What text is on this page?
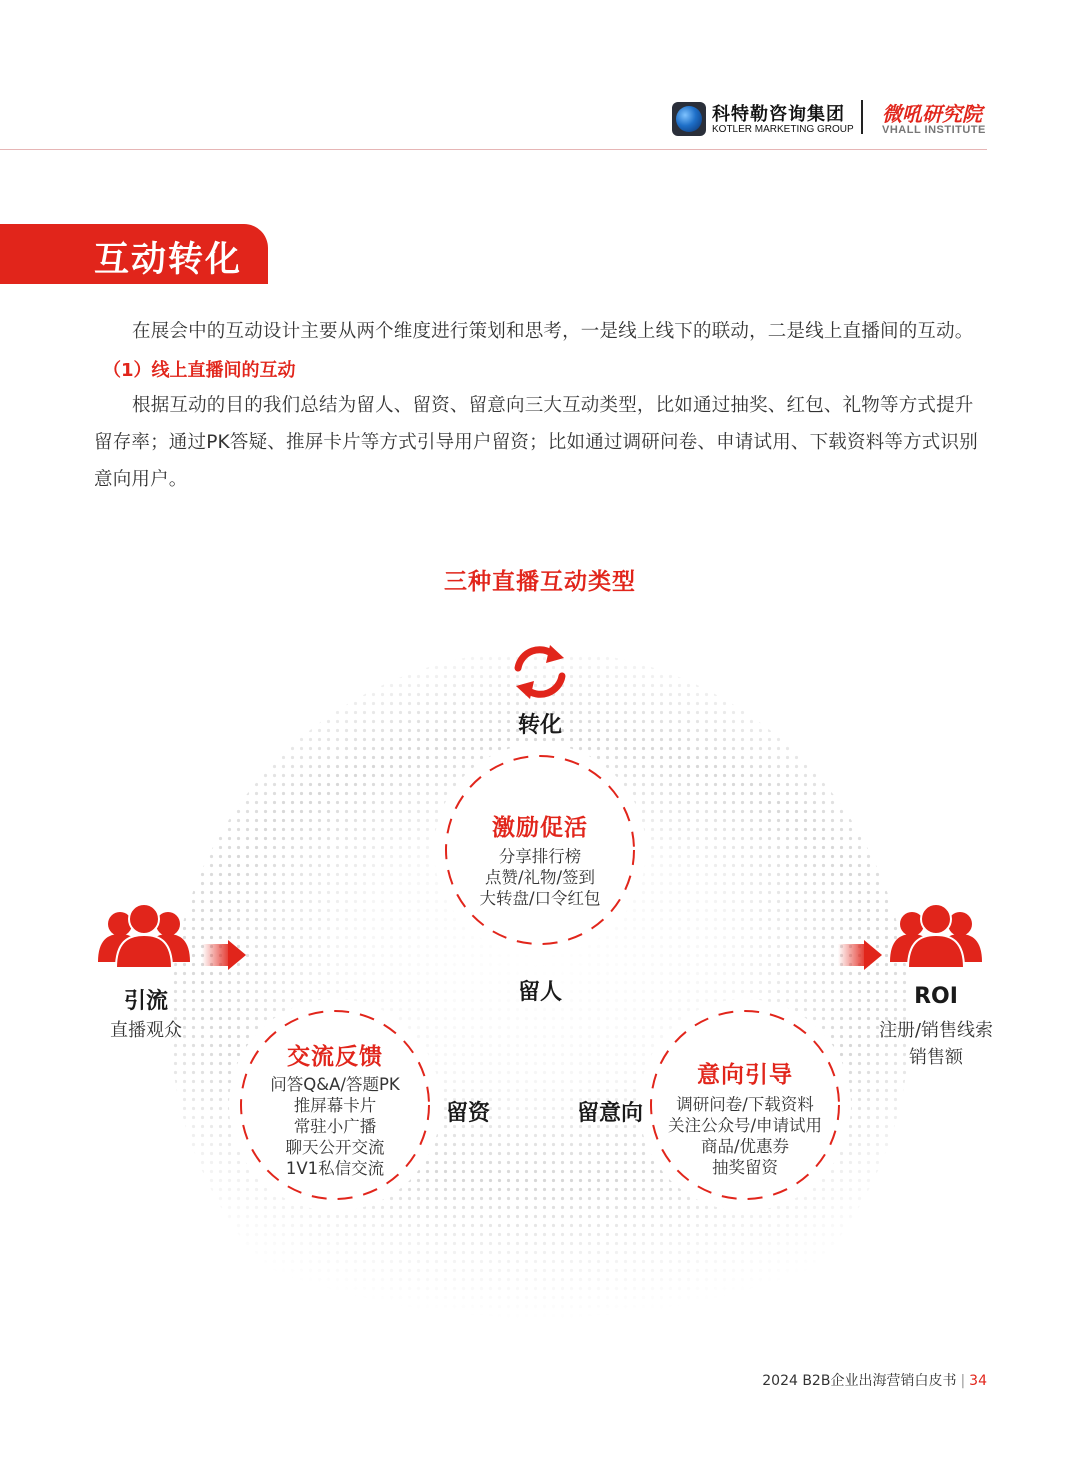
科特勒咨询集团
KOTLER MARKETING GROUP
微吼研究院
VHALL INSTITUTE
互动转化
在展会中的互动设计主要从两个维度进行策划和思考，一是线上线下的联动，二是线上直播间的互动。
（1）线上直播间的互动
根据互动的目的我们总结为留人、留资、留意向三大互动类型，比如通过抽奖、红包、礼物等方式提升留存率；通过PK答疑、推屏卡片等方式引导用户留资；比如通过调研问卷、申请试用、下载资料等方式识别意向用户。
三种直播互动类型
转化
引流
直播观众
ROI
注册/销售线索
销售额
激励促活
分享排行榜
点赞/礼物/签到
大转盘/口令红包
交流反馈
问答Q&A/答题PK
推屏幕卡片
常驻小广播
聊天公开交流
1V1私信交流
意向引导
调研问卷/下载资料
关注公众号/申请试用
商品/优惠券
抽奖留资
留人
留资	留意向
2024 B2B企业出海营销白皮书 | 34
